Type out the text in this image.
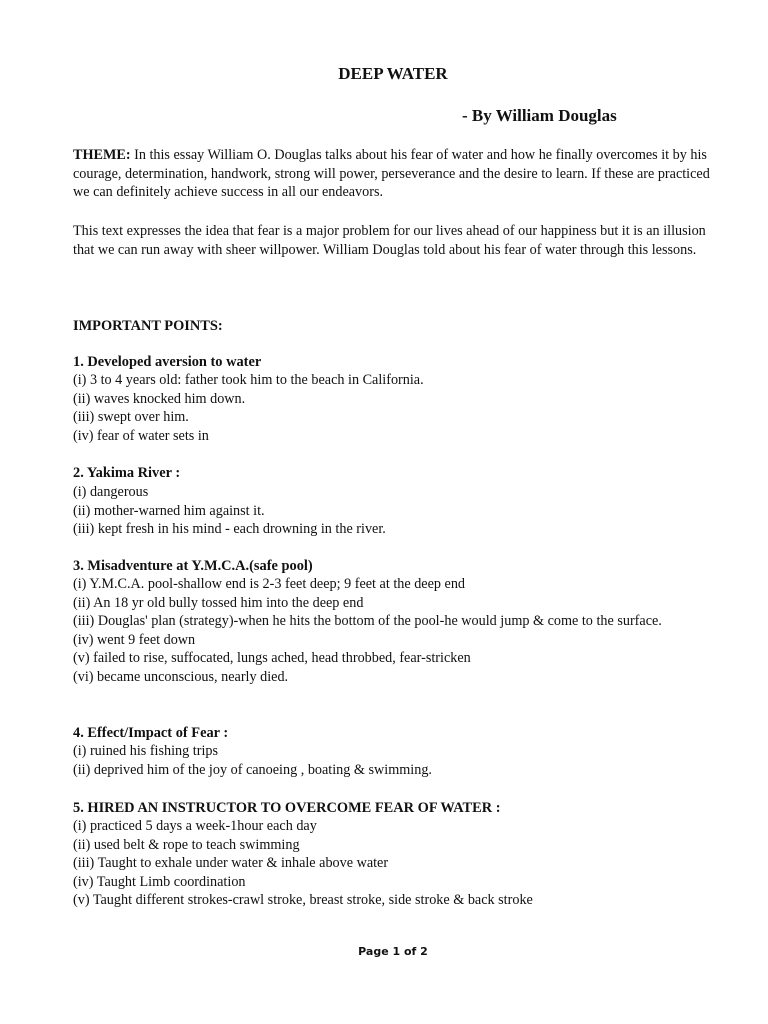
DEEP WATER

- By William Douglas

THEME: In this essay William O. Douglas talks about his fear of water and how he finally overcomes it by his courage, determination, handwork, strong will power, perseverance and the desire to learn. If these are practiced we can definitely achieve success in all our endeavors.

This text expresses the idea that fear is a major problem for our lives ahead of our happiness but it is an illusion that we can run away with sheer willpower. William Douglas told about his fear of water through this lessons.

IMPORTANT POINTS:

1. Developed aversion to water

(i) 3 to 4 years old: father took him to the beach in California.
(ii) waves knocked him down.
(iii) swept over him.
(iv) fear of water sets in

2. Yakima River :

(i) dangerous
(ii) mother-warned him against it.
(iii) kept fresh in his mind - each drowning in the river.

3. Misadventure at Y.M.C.A.(safe pool)

(i) Y.M.C.A. pool-shallow end is 2-3 feet deep; 9 feet at the deep end
(ii) An 18 yr old bully tossed him into the deep end
(iii) Douglas' plan (strategy)-when he hits the bottom of the pool-he would jump & come to the surface.
(iv) went 9 feet down
(v) failed to rise, suffocated, lungs ached, head throbbed, fear-stricken
(vi) became unconscious, nearly died.

4. Effect/Impact of Fear :

(i) ruined his fishing trips
(ii) deprived him of the joy of canoeing , boating & swimming.

5. HIRED AN INSTRUCTOR TO OVERCOME FEAR OF WATER :

(i) practiced 5 days a week-1hour each day
(ii) used belt & rope to teach swimming
(iii) Taught to exhale under water & inhale above water
(iv) Taught Limb coordination
(v) Taught different strokes-crawl stroke, breast stroke, side stroke & back stroke

Page 1 of 2
